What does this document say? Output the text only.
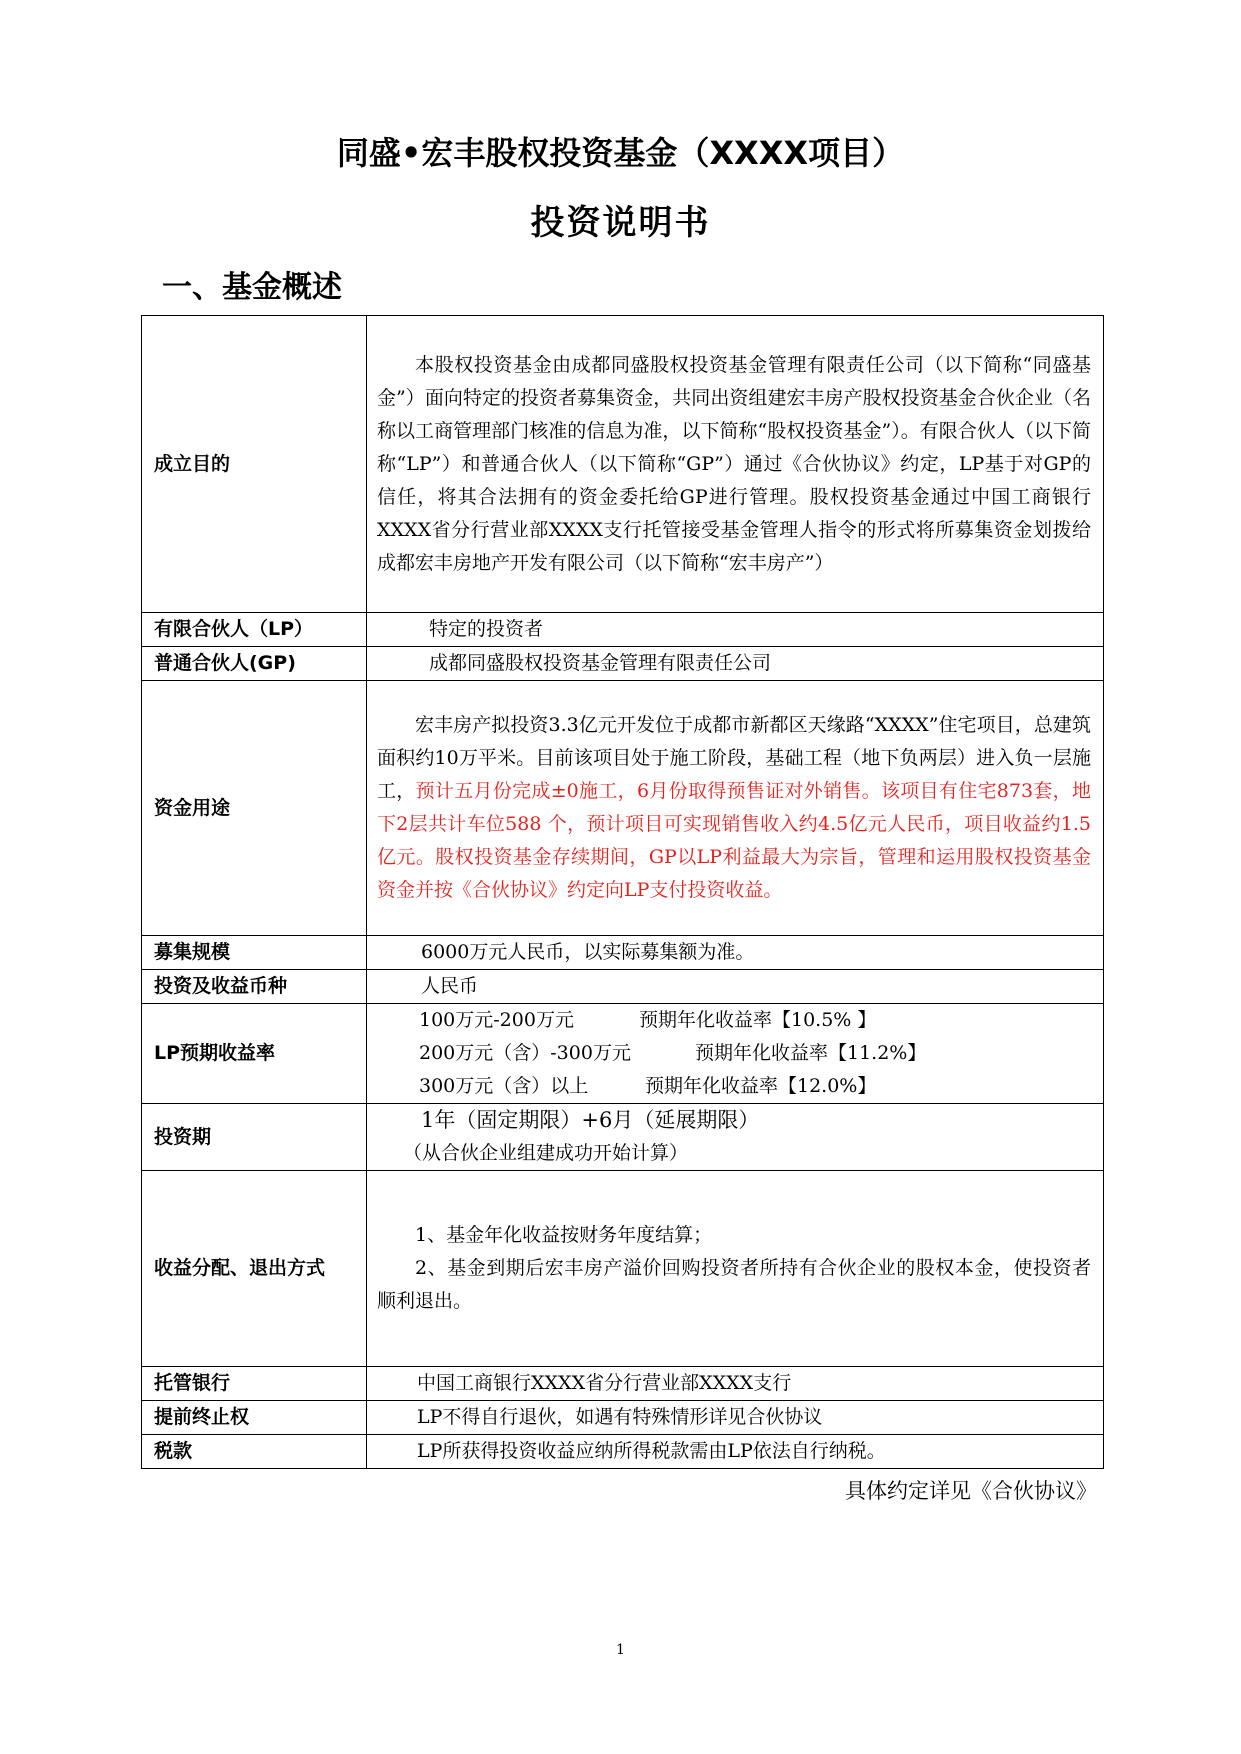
同盛•宏丰股权投资基金（XXXX项目）
投资说明书
一、基金概述
成立目的	本股权投资基金由成都同盛股权投资基金管理有限责任公司（以下简称“同盛基金”）面向特定的投资者募集资金，共同出资组建宏丰房产股权投资基金合伙企业（名称以工商管理部门核准的信息为准，以下简称“股权投资基金”）。有限合伙人（以下简称“LP”）和普通合伙人（以下简称“GP”）通过《合伙协议》约定，LP基于对GP的信任，将其合法拥有的资金委托给GP进行管理。股权投资基金通过中国工商银行XXXX省分行营业部XXXX支行托管接受基金管理人指令的形式将所募集资金划拨给成都宏丰房地产开发有限公司（以下简称“宏丰房产”）

有限合伙人（LP）	特定的投资者

普通合伙人(GP)	成都同盛股权投资基金管理有限责任公司

资金用途	宏丰房产拟投资3.3亿元开发位于成都市新都区天缘路“XXXX”住宅项目，总建筑面积约10万平米。目前该项目处于施工阶段，基础工程（地下负两层）进入负一层施工，预计五月份完成±0施工，6月份取得预售证对外销售。该项目有住宅873套，地下2层共计车位588 个，预计项目可实现销售收入约4.5亿元人民币，项目收益约1.5亿元。股权投资基金存续期间，GP以LP利益最大为宗旨，管理和运用股权投资基金资金并按《合伙协议》约定向LP支付投资收益。

募集规模	6000万元人民币，以实际募集额为准。

投资及收益币种	人民币

LP预期收益率	100万元-200万元 预期年化收益率【10.5% 】
200万元（含）-300万元 预期年化收益率【11.2%】
300万元（含）以上 预期年化收益率【12.0%】

投资期	1年（固定期限）+6月（延展期限）
（从合伙企业组建成功开始计算）

收益分配、退出方式	1、基金年化收益按财务年度结算；
2、基金到期后宏丰房产溢价回购投资者所持有合伙企业的股权本金，使投资者顺利退出。

托管银行	中国工商银行XXXX省分行营业部XXXX支行

提前终止权	LP不得自行退伙，如遇有特殊情形详见合伙协议

税款	LP所获得投资收益应纳所得税款需由LP依法自行纳税。
具体约定详见《合伙协议》
1
